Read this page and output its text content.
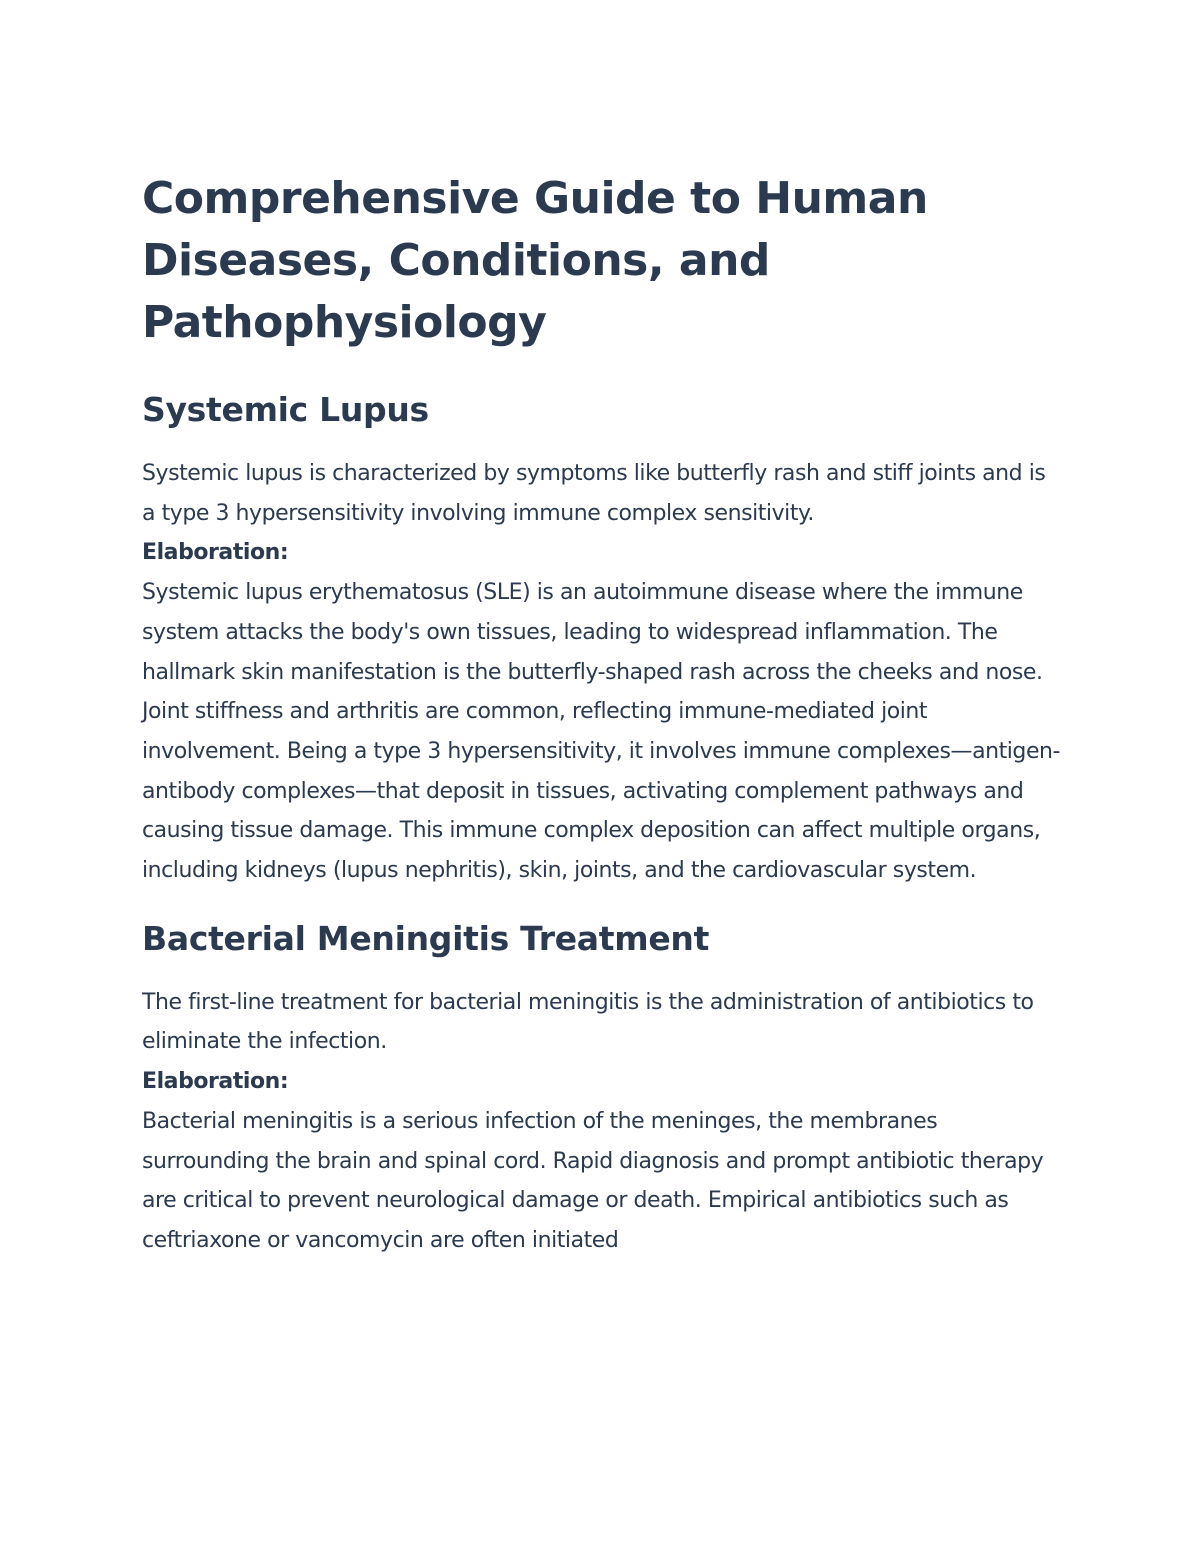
Comprehensive Guide to Human Diseases, Conditions, and Pathophysiology
Systemic Lupus

Systemic lupus is characterized by symptoms like butterfly rash and stiff joints and is a type 3 hypersensitivity involving immune complex sensitivity.

Elaboration:

Systemic lupus erythematosus (SLE) is an autoimmune disease where the immune system attacks the body's own tissues, leading to widespread inflammation. The hallmark skin manifestation is the butterfly-shaped rash across the cheeks and nose. Joint stiffness and arthritis are common, reflecting immune-mediated joint involvement. Being a type 3 hypersensitivity, it involves immune complexes—antigen-antibody complexes—that deposit in tissues, activating complement pathways and causing tissue damage. This immune complex deposition can affect multiple organs, including kidneys (lupus nephritis), skin, joints, and the cardiovascular system.

Bacterial Meningitis Treatment

The first-line treatment for bacterial meningitis is the administration of antibiotics to eliminate the infection.

Elaboration:

Bacterial meningitis is a serious infection of the meninges, the membranes surrounding the brain and spinal cord. Rapid diagnosis and prompt antibiotic therapy are critical to prevent neurological damage or death. Empirical antibiotics such as ceftriaxone or vancomycin are often initiated
